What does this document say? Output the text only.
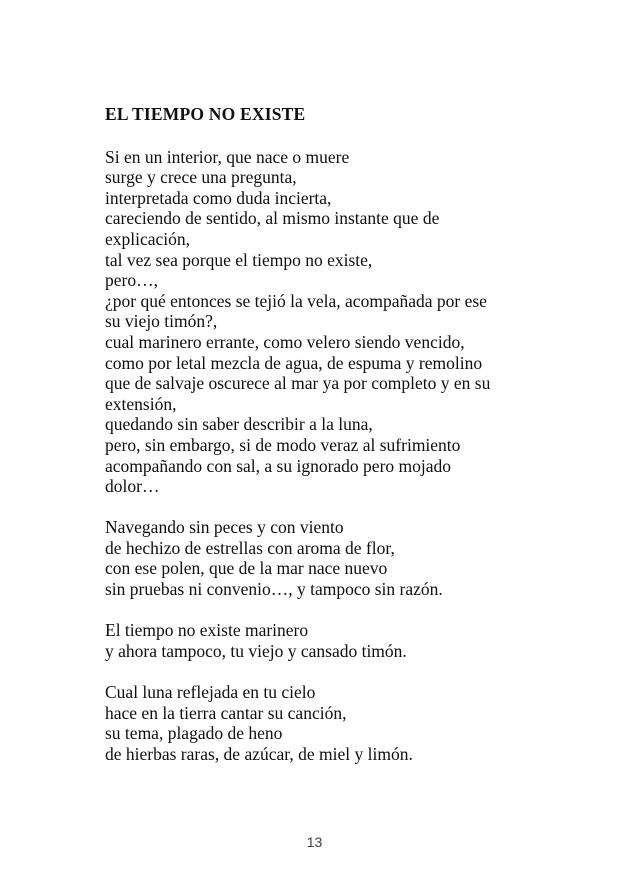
EL TIEMPO NO EXISTE
Si en un interior, que nace o muere
surge y crece una pregunta,
interpretada como duda incierta,
careciendo de sentido, al mismo instante que de
explicación,
tal vez sea porque el tiempo no existe,
pero…,
¿por qué entonces se tejió la vela, acompañada por ese
su viejo timón?,
cual marinero errante, como velero siendo vencido,
como por letal mezcla de agua, de espuma y remolino
que de salvaje oscurece al mar ya por completo y en su
extensión,
quedando sin saber describir a la luna,
pero, sin embargo, si de modo veraz al sufrimiento
acompañando con sal, a su ignorado pero mojado
dolor…
Navegando sin peces y con viento
de hechizo de estrellas con aroma de flor,
con ese polen, que de la mar nace nuevo
sin pruebas ni convenio…, y tampoco sin razón.
El tiempo no existe marinero
y ahora tampoco, tu viejo y cansado timón.
Cual luna reflejada en tu cielo
hace en la tierra cantar su canción,
su tema, plagado de heno
de hierbas raras, de azúcar, de miel y limón.
13
